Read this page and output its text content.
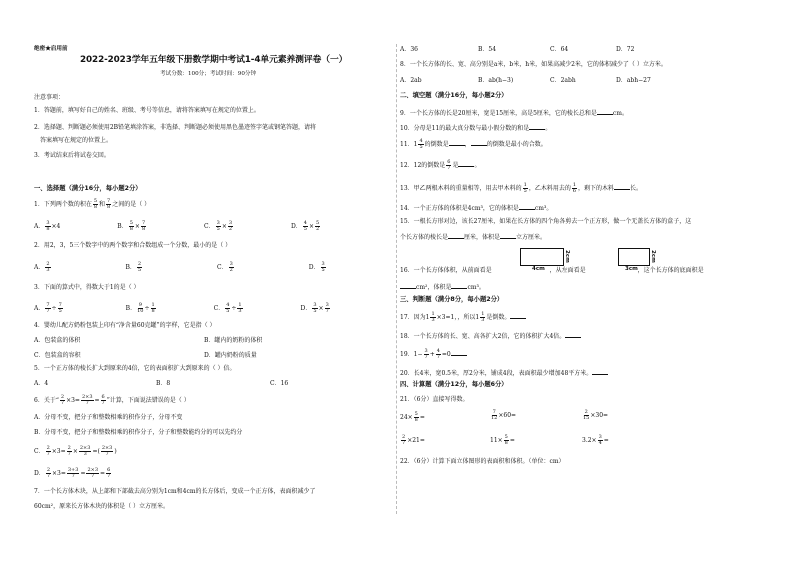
绝密★启用前
2022-2023学年五年级下册数学期中考试1-4单元素养测评卷（一）
考试分数：100分；考试时间：90分钟
注意事项：
1．答题前，填写好自己的姓名、班级、考号等信息，请将答案填写在规定的位置上。
2．选择题、判断题必须使用2B铅笔填涂答案，非选择、判断题必须使用黑色墨迹签字笔或钢笔答题，请将
答案填写在规定的位置上。
3．考试结束后将试卷交回。
一、选择题（满分16分，每小题2分）
1．下列两个数的积在 $\frac{5}{8}$ 和 $\frac{7}{8}$ 之间的是（ ）
A． $\frac{3}{8} \times 4$	B． $\frac{5}{8} \times \frac{7}{8}$	C． $\frac{3}{5} \times \frac{3}{2}$	D． $\frac{4}{5} \times \frac{5}{2}$
2．用2，3，5三个数字中的两个数字和合数组成一个分数，最小的是（ ）
A． $\frac{2}{3}$	B． $\frac{2}{5}$	C． $\frac{3}{2}$	D． $\frac{3}{5}$
3．下面的算式中，得数大于1的是（ ）
A． $\frac{7}{7} \div \frac{7}{5}$	B． $\frac{9}{10} \div \frac{1}{8}$	C． $\frac{4}{5} \div \frac{1}{3}$	D． $\frac{3}{5} \times \frac{3}{7}$
4．婴幼儿配方奶粉包装上印有“净含量60克罐”的字样，它是指（ ）
A．包装盒的体积	B．罐内的奶粉的体积
C．包装盒的容积	D．罐内奶粉的质量
5．一个正方体的棱长扩大到原来的4倍，它的表面积扩大到原来的（ ）倍。
A．4	B．8	C．16
6．关于“ $\frac{2}{7} \times 3= \frac{2\times 3}{7} = \frac{6}{7}$ ”计算，下面说法错误的是（ ）
A．分母不变，把分子和整数相乘的积作分子，分母不变
B．分母不变，把分子和整数相乘的积作分子，分子和整数能约分的可以先约分
C． $\frac{2}{7} \times 3= \frac{2}{7} \times \frac{2\times 3}{3}$ =( $\frac{2\times 3}{7}$ )
D． $\frac{2}{7} \times 3= \frac{3+3}{7} = \frac{2\times 3}{7} = \frac{6}{7}$
7．一个长方体木块，从上部和下部截去高分别为1cm和4cm的长方体后，变成一个正方体，表面积减少了
60cm²，原来长方体木块的体积是（ ）立方厘米。
A．36	B．54	C．64	D．72
8．一个长方体的长、宽、高分别是a米，b米，h米，如果高减少2米，它的体积减少了（ ）立方米。
A．2ab	B．ab(h−3)	C．2abh	D．abh−27
二、填空题（满分16分，每小题2分）
9．一个长方体的长是20厘米，宽是15厘米，高是5厘米，它的棱长总和是	cm。
10．分母是11的最大真分数与最小假分数的和是	。
11．$1 \frac{4}{5}$ 的倒数是	，	的倒数是最小的合数。
12．12的倒数是 $\frac{6}{7}$ 是	。
13．甲乙两根木料的重量相等，用去甲木料的 $\frac{1}{5}$ ，乙木料用去的 $\frac{1}{6}$ ，剩下的木料	长。
14．一个正方体的体积是4cm³，它的体积是	cm³。
15．一根长方形对边，该长27厘米，如果在长方体的四个角各剪去一个正方形，做一个无盖长方体的盒子，这
个长方体的棱长是	厘米，体积是	立方厘米。
16．一个长方体体积，从前面看是	，从左面看是	，这个长方体的底面积是
4cm
2cm
3cm
2cm
cm²，体积是	cm³。
三、判断题（满分8分，每小题2分）
17．因为$1 \frac{1}{3} \times 3=1$，，所以$1 \frac{1}{3}$ 是倒数。
18．一个长方体的长、宽、高各扩大2倍，它的体积扩大4倍。
19．$1- \frac{3}{7} + \frac{4}{7} =0$
20．长4米，宽0.5米，厚2分米，铺成4段，表面积最少增加48平方米。
四、计算题（满分12分，每小题6分）
21．（6分）直接写得数。
$24\times \frac{5}{8}$ =	$\frac{7}{12} \times 60=$	$\frac{2}{15} \times 30=$
$\frac{2}{7} \times 21=$	$11\times \frac{5}{8}$ =	$3.2\times \frac{3}{4}$ =
22．（6分）计算下面立体图形的表面积和体积。（单位：cm）
